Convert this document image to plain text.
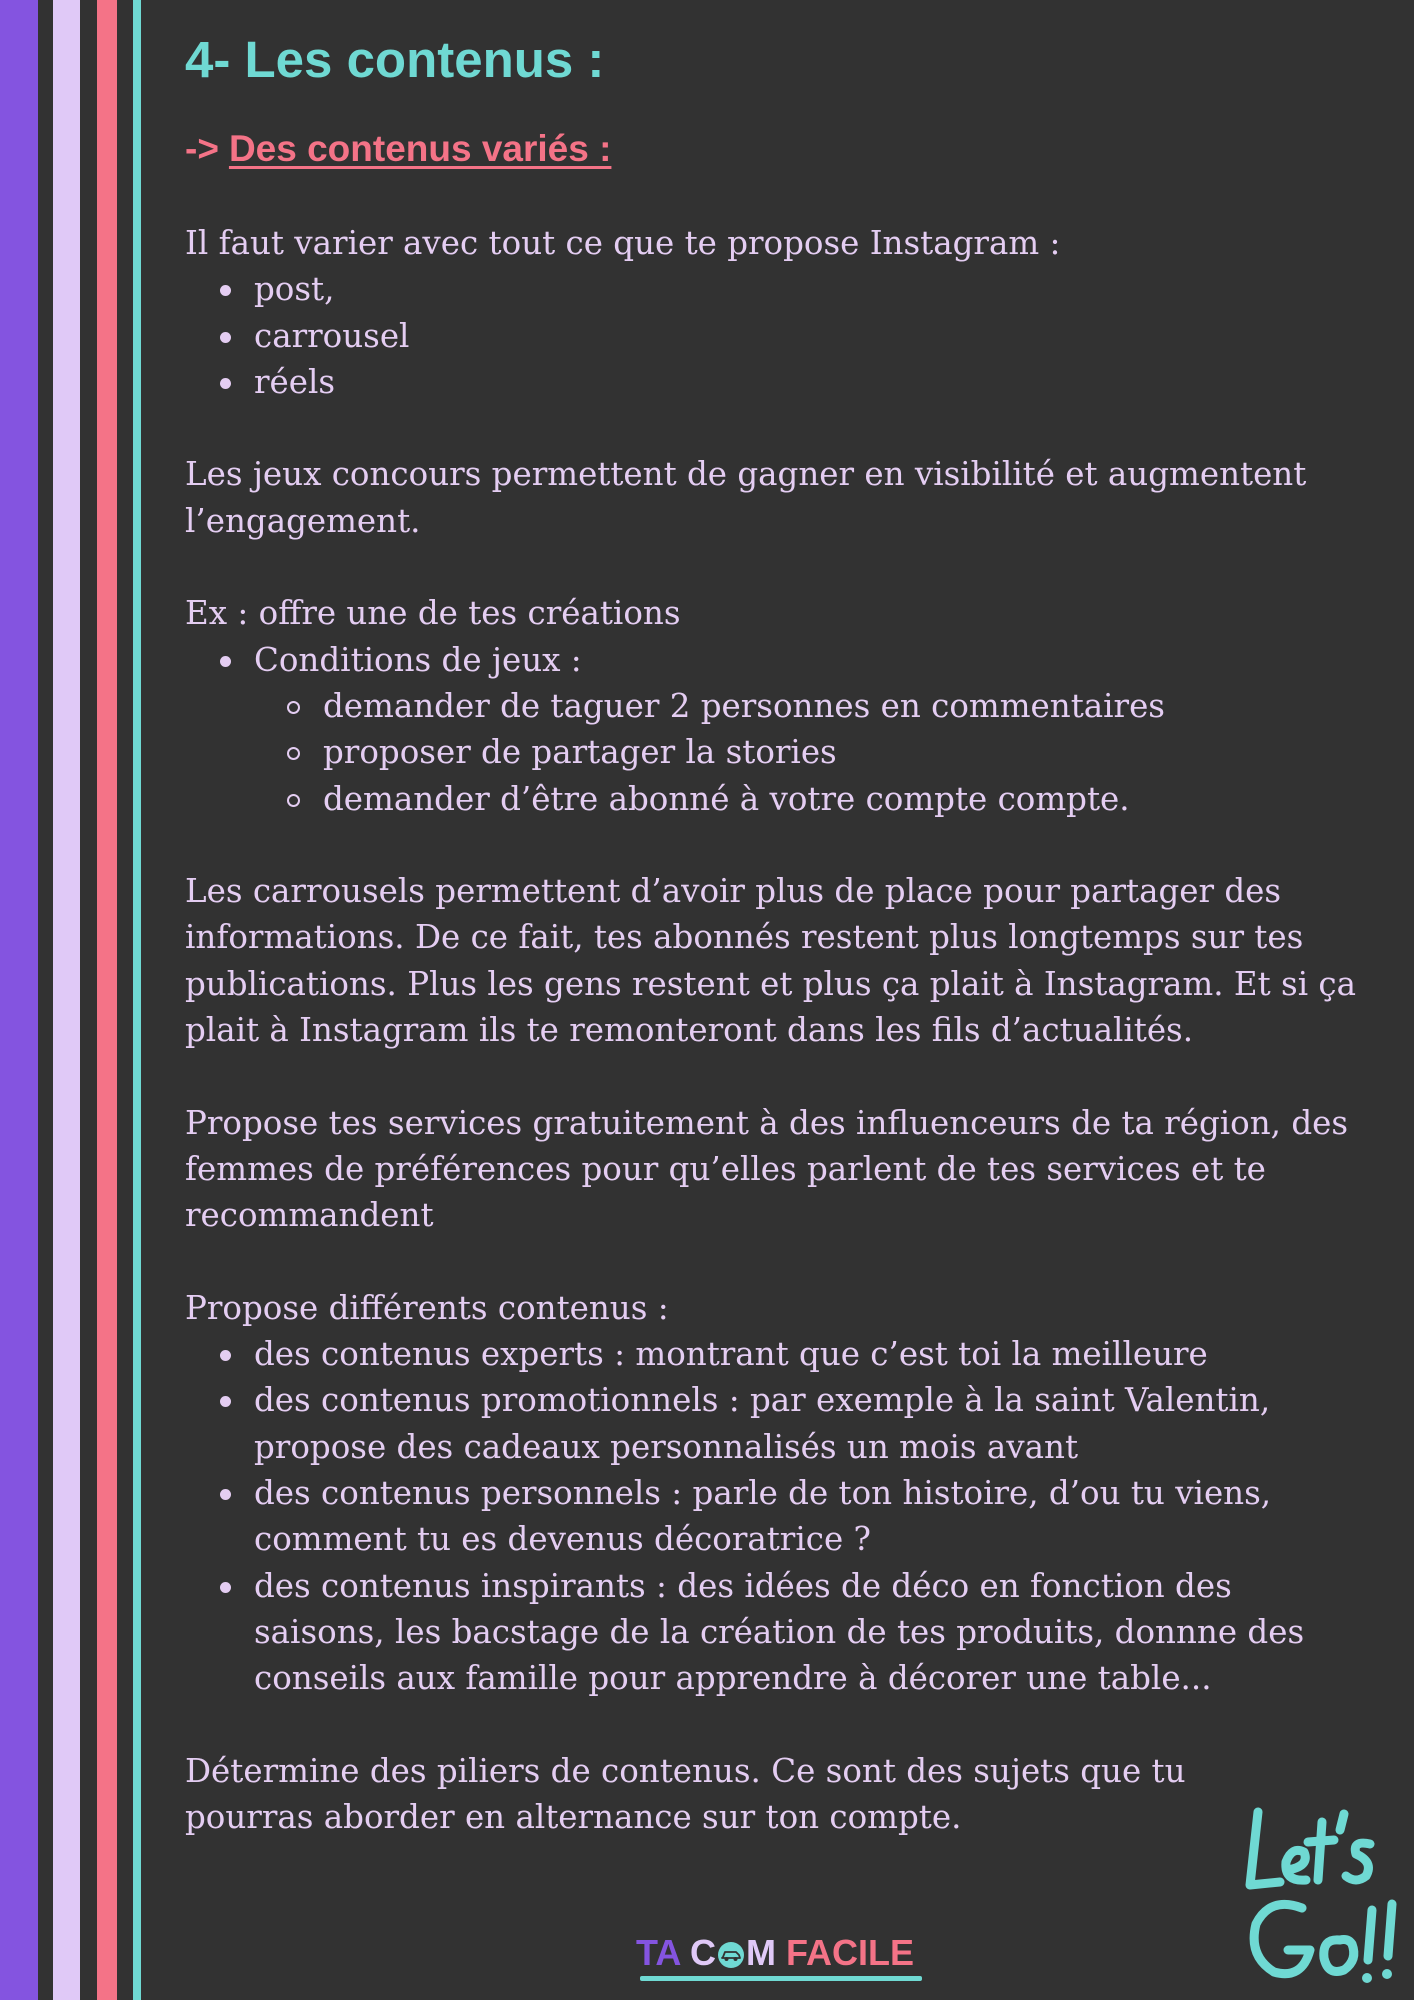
4- Les contenus :
-> Des contenus variés :

Il faut varier avec tout ce que te propose Instagram :

post,
carrousel
réels

Les jeux concours permettent de gagner en visibilité et augmentent l’engagement.

Ex : offre une de tes créations

Conditions de jeux :
demander de taguer 2 personnes en commentaires
proposer de partager la stories
demander d’être abonné à votre compte compte.

Les carrousels permettent d’avoir plus de place pour partager des informations. De ce fait, tes abonnés restent plus longtemps sur tes publications. Plus les gens restent et plus ça plait à Instagram. Et si ça plait à Instagram ils te remonteront dans les fils d’actualités.

Propose tes services gratuitement à des influenceurs de ta région, des femmes de préférences pour qu’elles parlent de tes services et te recommandent

Propose différents contenus :

des contenus experts : montrant que c’est toi la meilleure
des contenus promotionnels : par exemple à la saint Valentin, propose des cadeaux personnalisés un mois avant
des contenus personnels : parle de ton histoire, d’ou tu viens, comment tu es devenus décoratrice ?
des contenus inspirants : des idées de déco en fonction des saisons, les bacstage de la création de tes produits, donnne des conseils aux famille pour apprendre à décorer une table...

Détermine des piliers de contenus. Ce sont des sujets que tu pourras aborder en alternance sur ton compte.

TA C M FACILE
